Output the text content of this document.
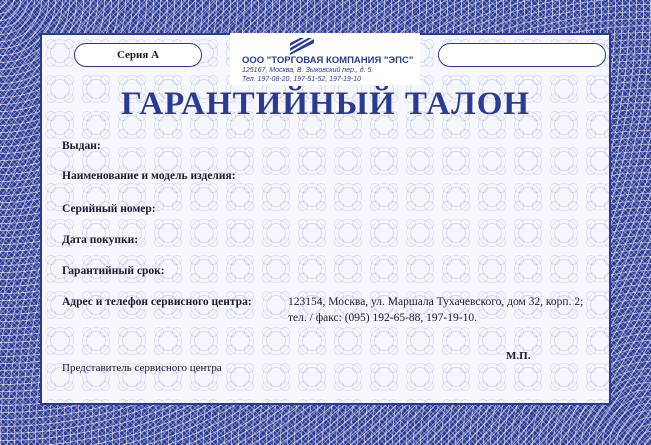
Серия А	ООО "ТОРГОВАЯ КОМПАНИЯ "ЭПС"
125167, Москва, В. Зыковский пер., д. 5.
Тел. 197-08-20, 197-51-52, 197-19-10
ГАРАНТИЙНЫЙ ТАЛОН
Выдан:
Наименование и модель изделия:
Серийный номер:
Дата покупки:
Гарантийный срок:
Адрес и телефон сервисного центра:	123154, Москва, ул. Маршала Тухачевского, дом 32, корп. 2;
тел. / факс: (095) 192-65-88, 197-19-10.
Представитель сервисного центра
М.П.
